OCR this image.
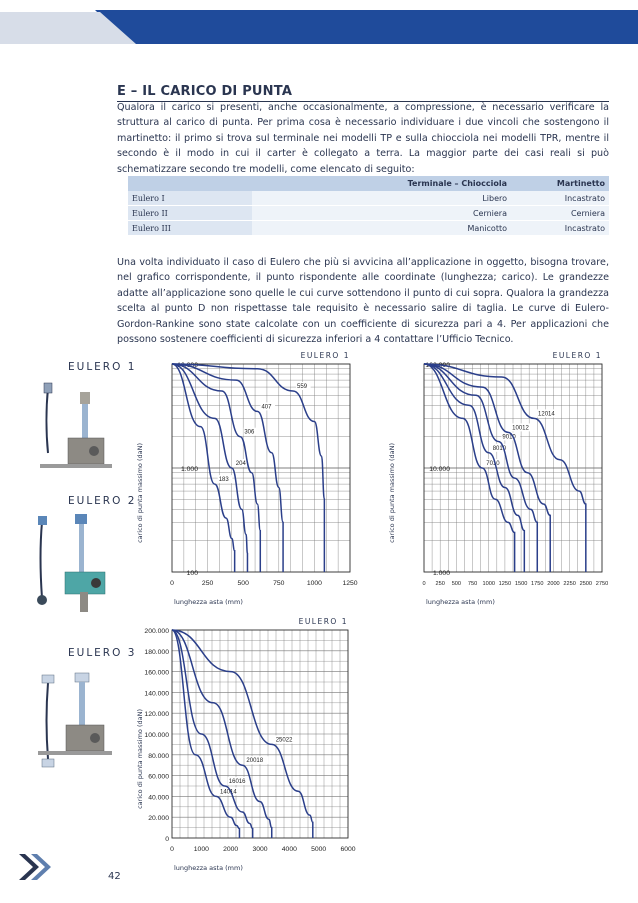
E – IL CARICO DI PUNTA
Qualora il carico si presenti, anche occasionalmente, a compressione, è necessario verificare la struttura al carico di punta. Per prima cosa è necessario individuare i due vincoli che sostengono il martinetto: il primo si trova sul terminale nei modelli TP e sulla chiocciola nei modelli TPR, mentre il secondo è il modo in cui il carter è collegato a terra. La maggior parte dei casi reali si può schematizzare secondo tre modelli, come elencato di seguito:
	Terminale – Chiocciola	Martinetto
Eulero I	Libero	Incastrato
Eulero II	Cerniera	Cerniera
Eulero III	Manicotto	Incastrato
Una volta individuato il caso di Eulero che più si avvicina all’applicazione in oggetto, bisogna trovare, nel grafico corrispondente, il punto rispondente alle coordinate (lunghezza; carico). Le grandezze adatte all’applicazione sono quelle le cui curve sottendono il punto di cui sopra. Qualora la grandezza scelta al punto D non rispettasse tale requisito è necessario salire di taglia. Le curve di Eulero-Gordon-Rankine sono state calcolate con un coefficiente di sicurezza pari a 4. Per applicazioni che possono sostenere coefficienti di sicurezza inferiori a 4 contattare l’Ufficio Tecnico.
EULERO 1
EULERO 2
EULERO 3
EULERO 1
100
1.000
10.000
0	250	500	750	1000	1250
lunghezza asta (mm)
carico di punta massimo (daN)	183
204
306
407
559
EULERO 1
1.000
10.000
100.000
0 250 500 750 1000 1250 1500 1750 2000 2250 2500 2750
lunghezza asta (mm)
carico di punta massimo (daN)	7010
8010
9010
10012
12014
EULERO 1
0
20.000
40.000
60.000
80.000
100.000
120.000
140.000
160.000
180.000
200.000
0	1000 2000 3000 4000 5000 6000
lunghezza asta (mm)
carico di punta massimo (daN)	14014
16016
20018
25022
42
